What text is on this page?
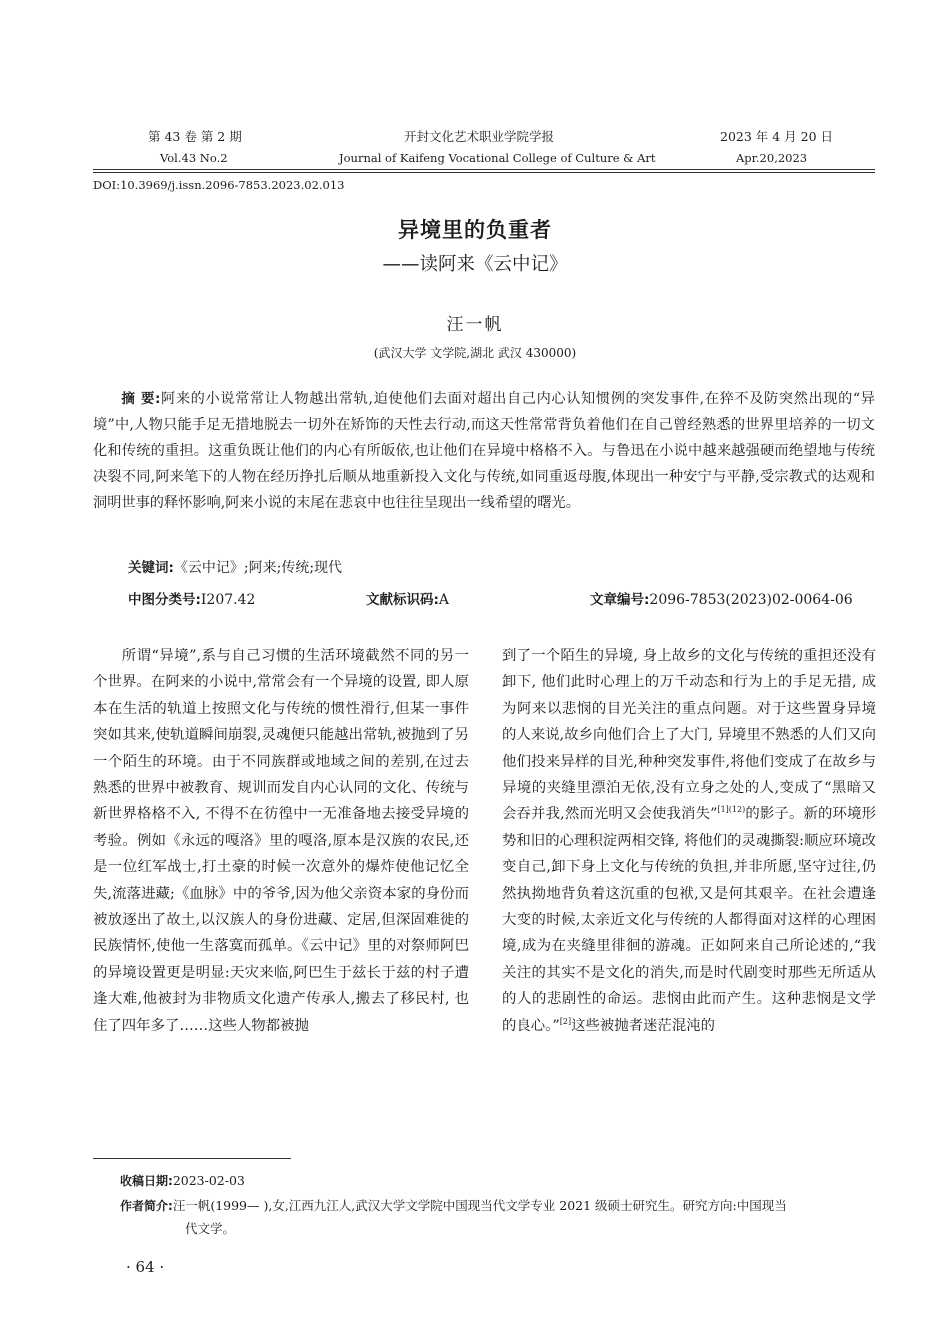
第 43 卷 第 2 期	开封文化艺术职业学院学报	2023 年 4 月 20 日
Vol.43 No.2	Journal of Kaifeng Vocational College of Culture & Art	Apr.20,2023
DOI:10.3969/j.issn.2096-7853.2023.02.013
异境里的负重者
——读阿来《云中记》
汪一帆
(武汉大学 文学院,湖北 武汉 430000)
摘 要:阿来的小说常常让人物越出常轨,迫使他们去面对超出自己内心认知惯例的突发事件,在猝不及防突然出现的“异境”中,人物只能手足无措地脱去一切外在矫饰的天性去行动,而这天性常常背负着他们在自己曾经熟悉的世界里培养的一切文化和传统的重担。这重负既让他们的内心有所皈依,也让他们在异境中格格不入。与鲁迅在小说中越来越强硬而绝望地与传统决裂不同,阿来笔下的人物在经历挣扎后顺从地重新投入文化与传统,如同重返母腹,体现出一种安宁与平静,受宗教式的达观和洞明世事的释怀影响,阿来小说的末尾在悲哀中也往往呈现出一线希望的曙光。
关键词:《云中记》;阿来;传统;现代
中图分类号:I207.42	文献标识码:A	文章编号:2096-7853(2023)02-0064-06

所谓“异境”,系与自己习惯的生活环境截然不同的另一个世界。在阿来的小说中,常常会有一个异境的设置, 即人原本在生活的轨道上按照文化与传统的惯性滑行,但某一事件突如其来,使轨道瞬间崩裂,灵魂便只能越出常轨,被抛到了另一个陌生的环境。由于不同族群或地域之间的差别,在过去熟悉的世界中被教育、规训而发自内心认同的文化、传统与新世界格格不入, 不得不在彷徨中一无准备地去接受异境的考验。例如《永远的嘎洛》里的嘎洛,原本是汉族的农民,还是一位红军战士,打土豪的时候一次意外的爆炸使他记忆全失,流落进藏;《血脉》中的爷爷,因为他父亲资本家的身份而被放逐出了故土,以汉族人的身份进藏、定居,但深固难徙的民族情怀,使他一生落寞而孤单。《云中记》里的对祭师阿巴的异境设置更是明显:天灾来临,阿巴生于兹长于兹的村子遭逢大难,他被封为非物质文化遗产传承人,搬去了移民村, 也住了四年多了……这些人物都被抛

到了一个陌生的异境, 身上故乡的文化与传统的重担还没有卸下, 他们此时心理上的万千动态和行为上的手足无措, 成为阿来以悲悯的目光关注的重点问题。对于这些置身异境的人来说,故乡向他们合上了大门, 异境里不熟悉的人们又向他们投来异样的目光,种种突发事件,将他们变成了在故乡与异境的夹缝里漂泊无依,没有立身之处的人,变成了“黑暗又会吞并我,然而光明又会使我消失”$^{[1](12)}$的影子。新的环境形势和旧的心理积淀两相交锋, 将他们的灵魂撕裂:顺应环境改变自己,卸下身上文化与传统的负担,并非所愿,坚守过往,仍然执拗地背负着这沉重的包袱,又是何其艰辛。在社会遭逢大变的时候,太亲近文化与传统的人都得面对这样的心理困境,成为在夹缝里徘徊的游魂。正如阿来自己所论述的,“我关注的其实不是文化的消失,而是时代剧变时那些无所适从的人的悲剧性的命运。悲悯由此而产生。这种悲悯是文学的良心。”[2]这些被抛者迷茫混沌的

收稿日期:2023-02-03
作者简介:汪一帆(1999— ),女,江西九江人,武汉大学文学院中国现当代文学专业 2021 级硕士研究生。研究方向:中国现当
代文学。
· 64 ·
